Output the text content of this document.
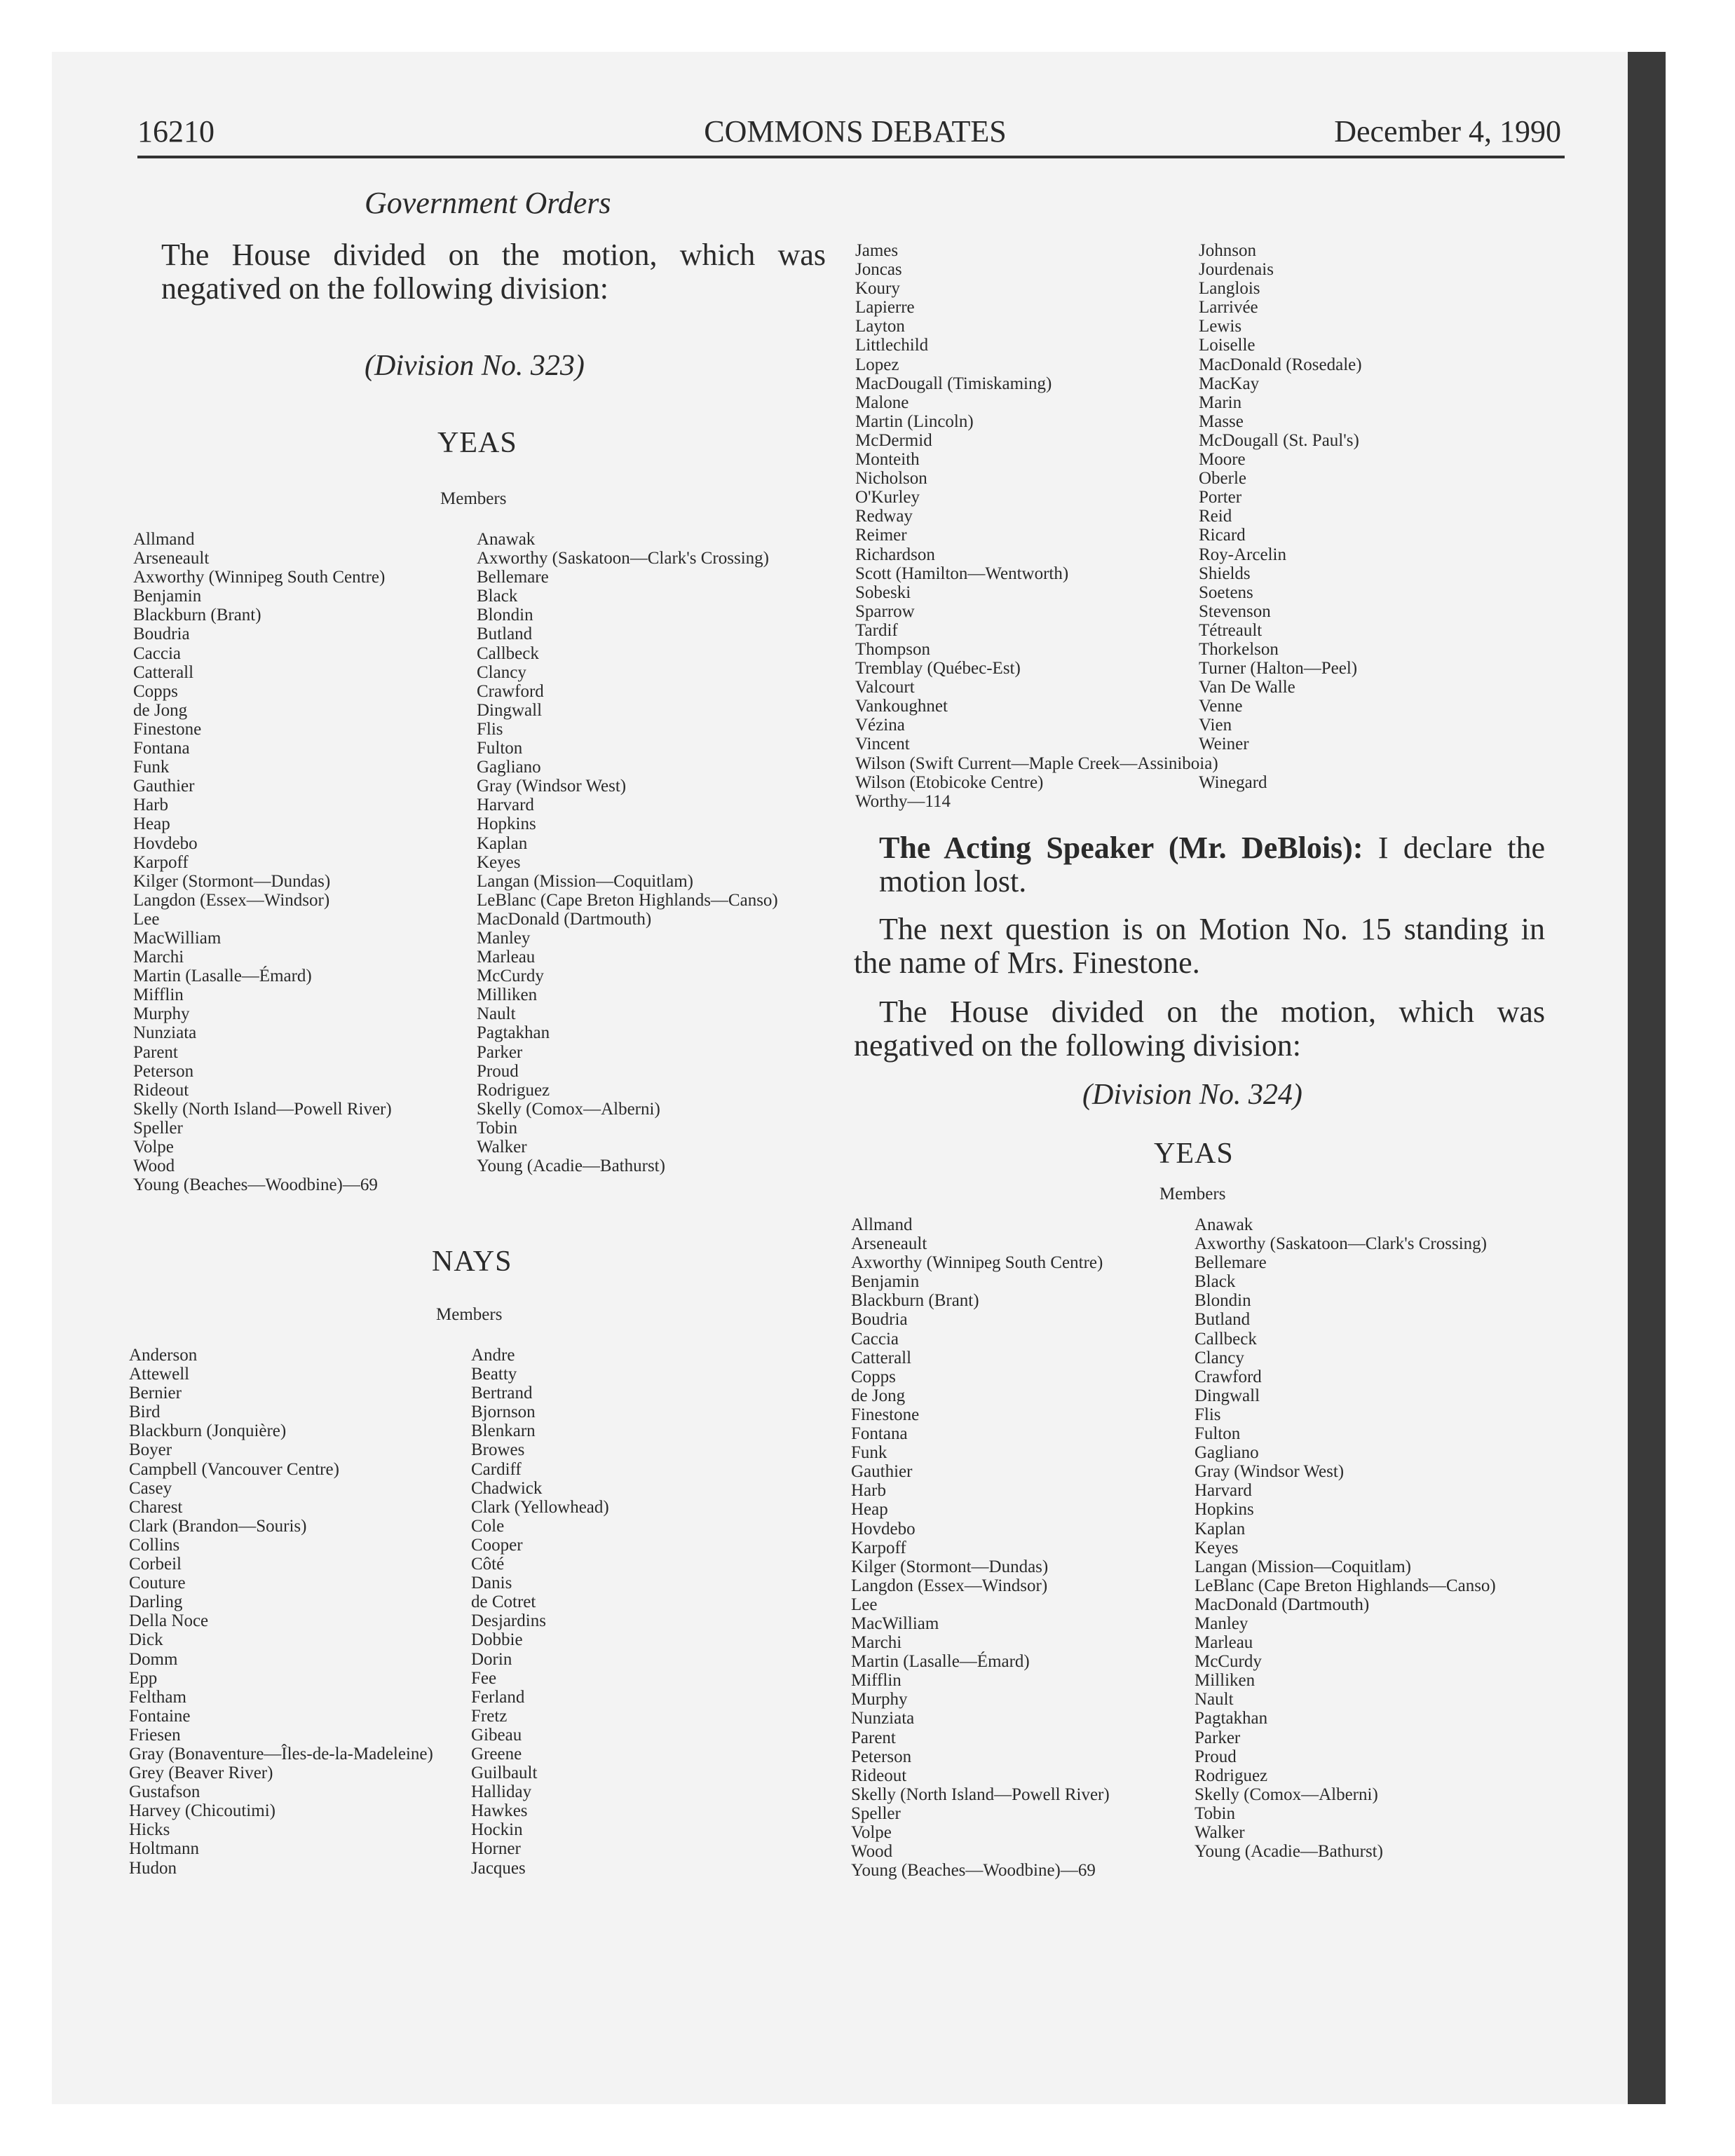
16210	COMMONS DEBATES	December 4, 1990
Government Orders

The House divided on the motion, which was negatived on the following division:

(Division No. 323)
YEAS
Members
Allmand
Arseneault
Axworthy (Winnipeg South Centre)
Benjamin
Blackburn (Brant)
Boudria
Caccia
Catterall
Copps
de Jong
Finestone
Fontana
Funk
Gauthier
Harb
Heap
Hovdebo
Karpoff
Kilger (Stormont—Dundas)
Langdon (Essex—Windsor)
Lee
MacWilliam
Marchi
Martin (Lasalle—Émard)
Mifflin
Murphy
Nunziata
Parent
Peterson
Rideout
Skelly (North Island—Powell River)
Speller
Volpe
Wood
Young (Beaches—Woodbine)—69
Anawak
Axworthy (Saskatoon—Clark's Crossing)
Bellemare
Black
Blondin
Butland
Callbeck
Clancy
Crawford
Dingwall
Flis
Fulton
Gagliano
Gray (Windsor West)
Harvard
Hopkins
Kaplan
Keyes
Langan (Mission—Coquitlam)
LeBlanc (Cape Breton Highlands—Canso)
MacDonald (Dartmouth)
Manley
Marleau
McCurdy
Milliken
Nault
Pagtakhan
Parker
Proud
Rodriguez
Skelly (Comox—Alberni)
Tobin
Walker
Young (Acadie—Bathurst)
NAYS
Members
Anderson
Attewell
Bernier
Bird
Blackburn (Jonquière)
Boyer
Campbell (Vancouver Centre)
Casey
Charest
Clark (Brandon—Souris)
Collins
Corbeil
Couture
Darling
Della Noce
Dick
Domm
Epp
Feltham
Fontaine
Friesen
Gray (Bonaventure—Îles-de-la-Madeleine)
Grey (Beaver River)
Gustafson
Harvey (Chicoutimi)
Hicks
Holtmann
Hudon
Andre
Beatty
Bertrand
Bjornson
Blenkarn
Browes
Cardiff
Chadwick
Clark (Yellowhead)
Cole
Cooper
Côté
Danis
de Cotret
Desjardins
Dobbie
Dorin
Fee
Ferland
Fretz
Gibeau
Greene
Guilbault
Halliday
Hawkes
Hockin
Horner
Jacques
James
Joncas
Koury
Lapierre
Layton
Littlechild
Lopez
MacDougall (Timiskaming)
Malone
Martin (Lincoln)
McDermid
Monteith
Nicholson
O'Kurley
Redway
Reimer
Richardson
Scott (Hamilton—Wentworth)
Sobeski
Sparrow
Tardif
Thompson
Tremblay (Québec-Est)
Valcourt
Vankoughnet
Vézina
Vincent
Wilson (Swift Current—Maple Creek—Assiniboia)
Wilson (Etobicoke Centre)
Worthy—114
Johnson
Jourdenais
Langlois
Larrivée
Lewis
Loiselle
MacDonald (Rosedale)
MacKay
Marin
Masse
McDougall (St. Paul's)
Moore
Oberle
Porter
Reid
Ricard
Roy-Arcelin
Shields
Soetens
Stevenson
Tétreault
Thorkelson
Turner (Halton—Peel)
Van De Walle
Venne
Vien
Weiner
Winegard

The Acting Speaker (Mr. DeBlois): I declare the motion lost.

The next question is on Motion No. 15 standing in the name of Mrs. Finestone.

The House divided on the motion, which was negatived on the following division:

(Division No. 324)
YEAS
Members
Allmand
Arseneault
Axworthy (Winnipeg South Centre)
Benjamin
Blackburn (Brant)
Boudria
Caccia
Catterall
Copps
de Jong
Finestone
Fontana
Funk
Gauthier
Harb
Heap
Hovdebo
Karpoff
Kilger (Stormont—Dundas)
Langdon (Essex—Windsor)
Lee
MacWilliam
Marchi
Martin (Lasalle—Émard)
Mifflin
Murphy
Nunziata
Parent
Peterson
Rideout
Skelly (North Island—Powell River)
Speller
Volpe
Wood
Young (Beaches—Woodbine)—69
Anawak
Axworthy (Saskatoon—Clark's Crossing)
Bellemare
Black
Blondin
Butland
Callbeck
Clancy
Crawford
Dingwall
Flis
Fulton
Gagliano
Gray (Windsor West)
Harvard
Hopkins
Kaplan
Keyes
Langan (Mission—Coquitlam)
LeBlanc (Cape Breton Highlands—Canso)
MacDonald (Dartmouth)
Manley
Marleau
McCurdy
Milliken
Nault
Pagtakhan
Parker
Proud
Rodriguez
Skelly (Comox—Alberni)
Tobin
Walker
Young (Acadie—Bathurst)
